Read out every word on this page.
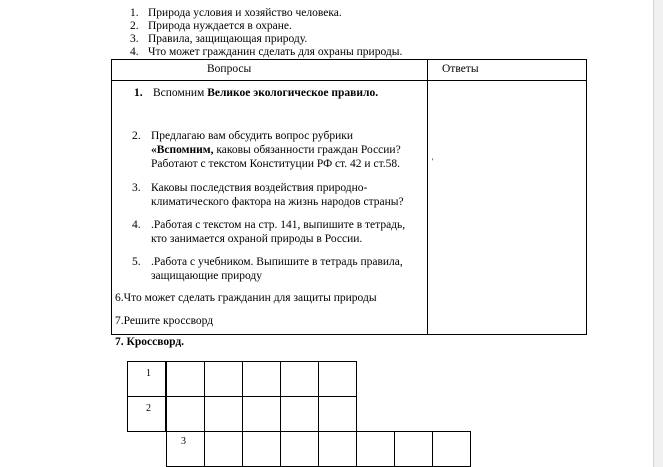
1. Природа условия и хозяйство человека.
2. Природа нуждается в охране.
3. Правила, защищающая природу.
4. Что может гражданин сделать для охраны природы.
Вопросы	Ответы
1. Вспомним Великое экологическое правило.
2. Предлагаю вам обсудить вопрос рубрики
«Вспомним, каковы обязанности граждан России?
Работают с текстом Конституции РФ ст. 42 и ст.58.	'
3. Каковы последствия воздействия природно-
климатического фактора на жизнь народов страны?
4. .Работая с текстом на стр. 141, выпишите в тетрадь,
кто занимается охраной природы в России.
5. .Работа с учебником. Выпишите в тетрадь правила,
защищающие природу
6.Что может сделать гражданин для защиты природы
7.Решите кроссворд
7. Кроссворд.
1
2
3
